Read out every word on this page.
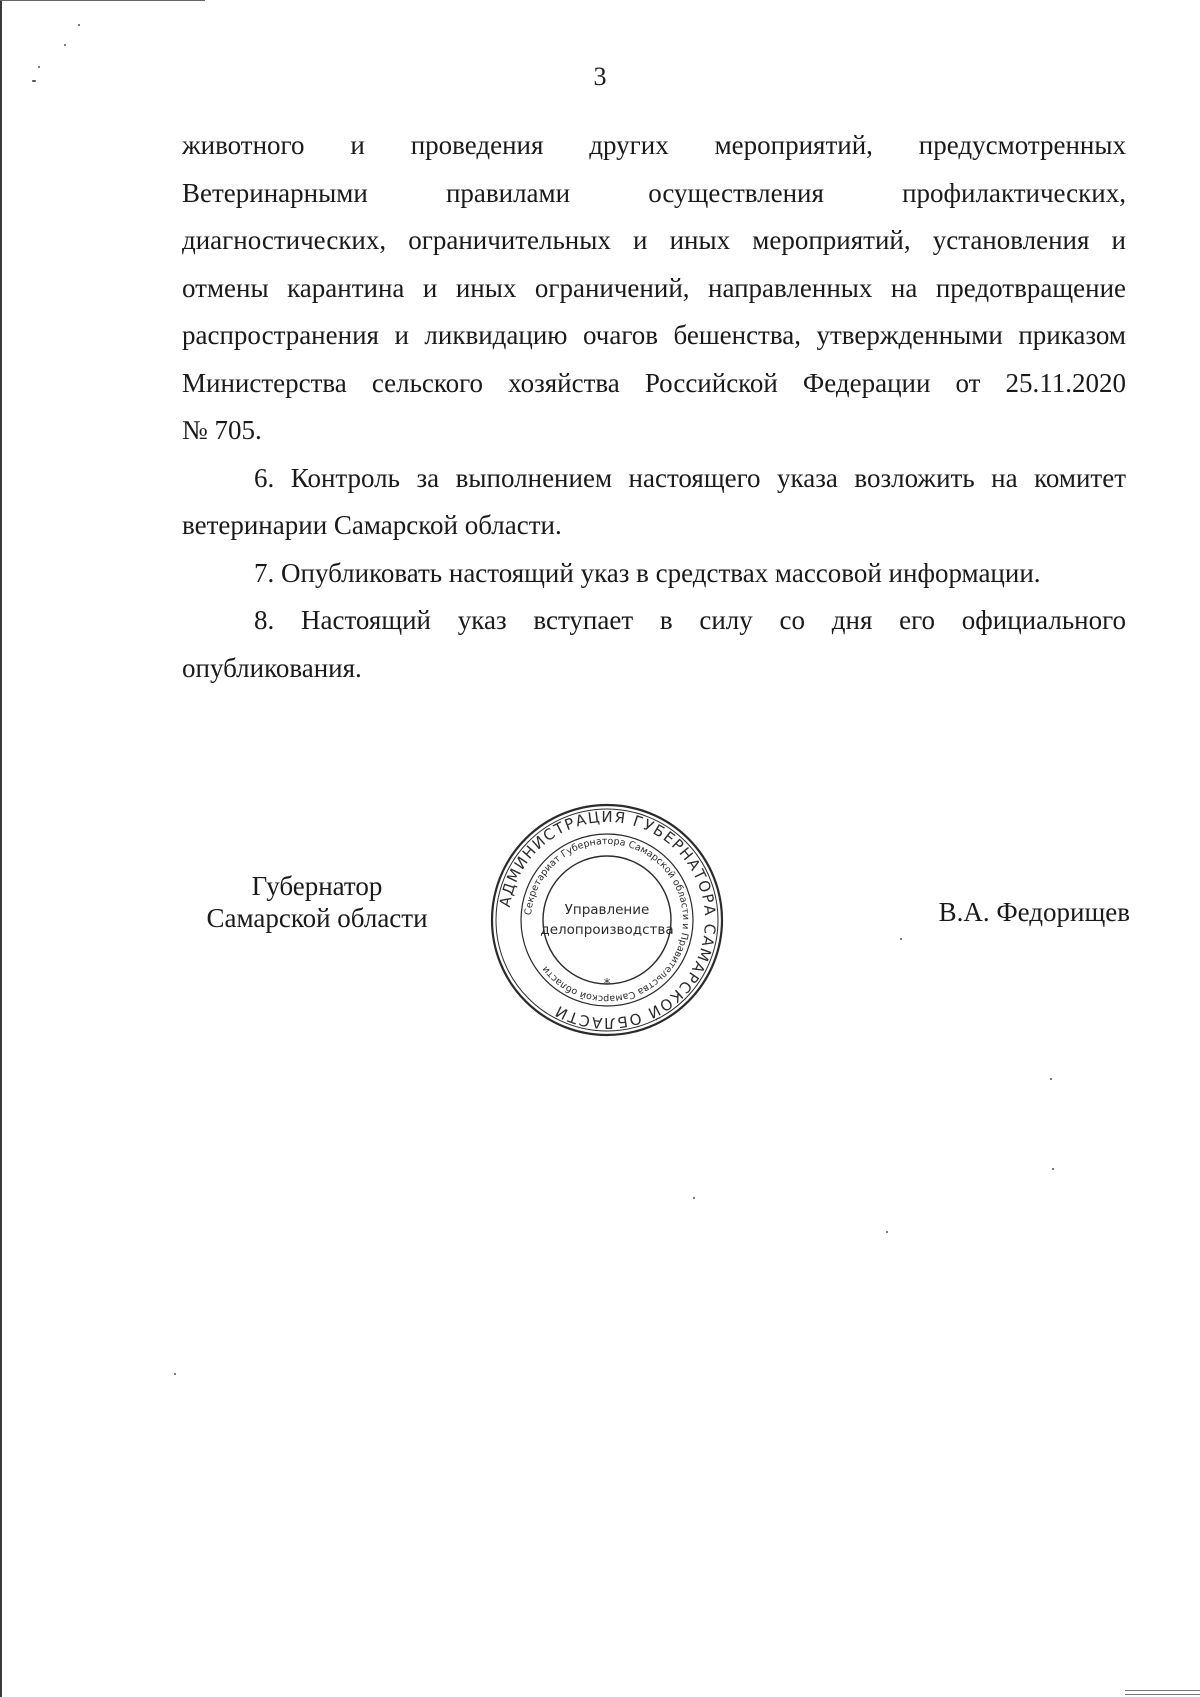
3
животного и проведения других мероприятий, предусмотренных
Ветеринарными правилами осуществления профилактических,
диагностических, ограничительных и иных мероприятий, установления и
отмены карантина и иных ограничений, направленных на предотвращение
распространения и ликвидацию очагов бешенства, утвержденными приказом
Министерства сельского хозяйства Российской Федерации от 25.11.2020
№ 705.
6. Контроль за выполнением настоящего указа возложить на комитет
ветеринарии Самарской области.
7. Опубликовать настоящий указ в средствах массовой информации.
8. Настоящий указ вступает в силу со дня его официального
опубликования.
Губернатор
Самарской области
АДМИНИСТРАЦИЯ ГУБЕРНАТОРА САМАРСКОЙ ОБЛАСТИ
Секретариат Губернатора Самарской области и Правительства Самарской области
*
Управление
делопроизводства
В.А. Федорищев
